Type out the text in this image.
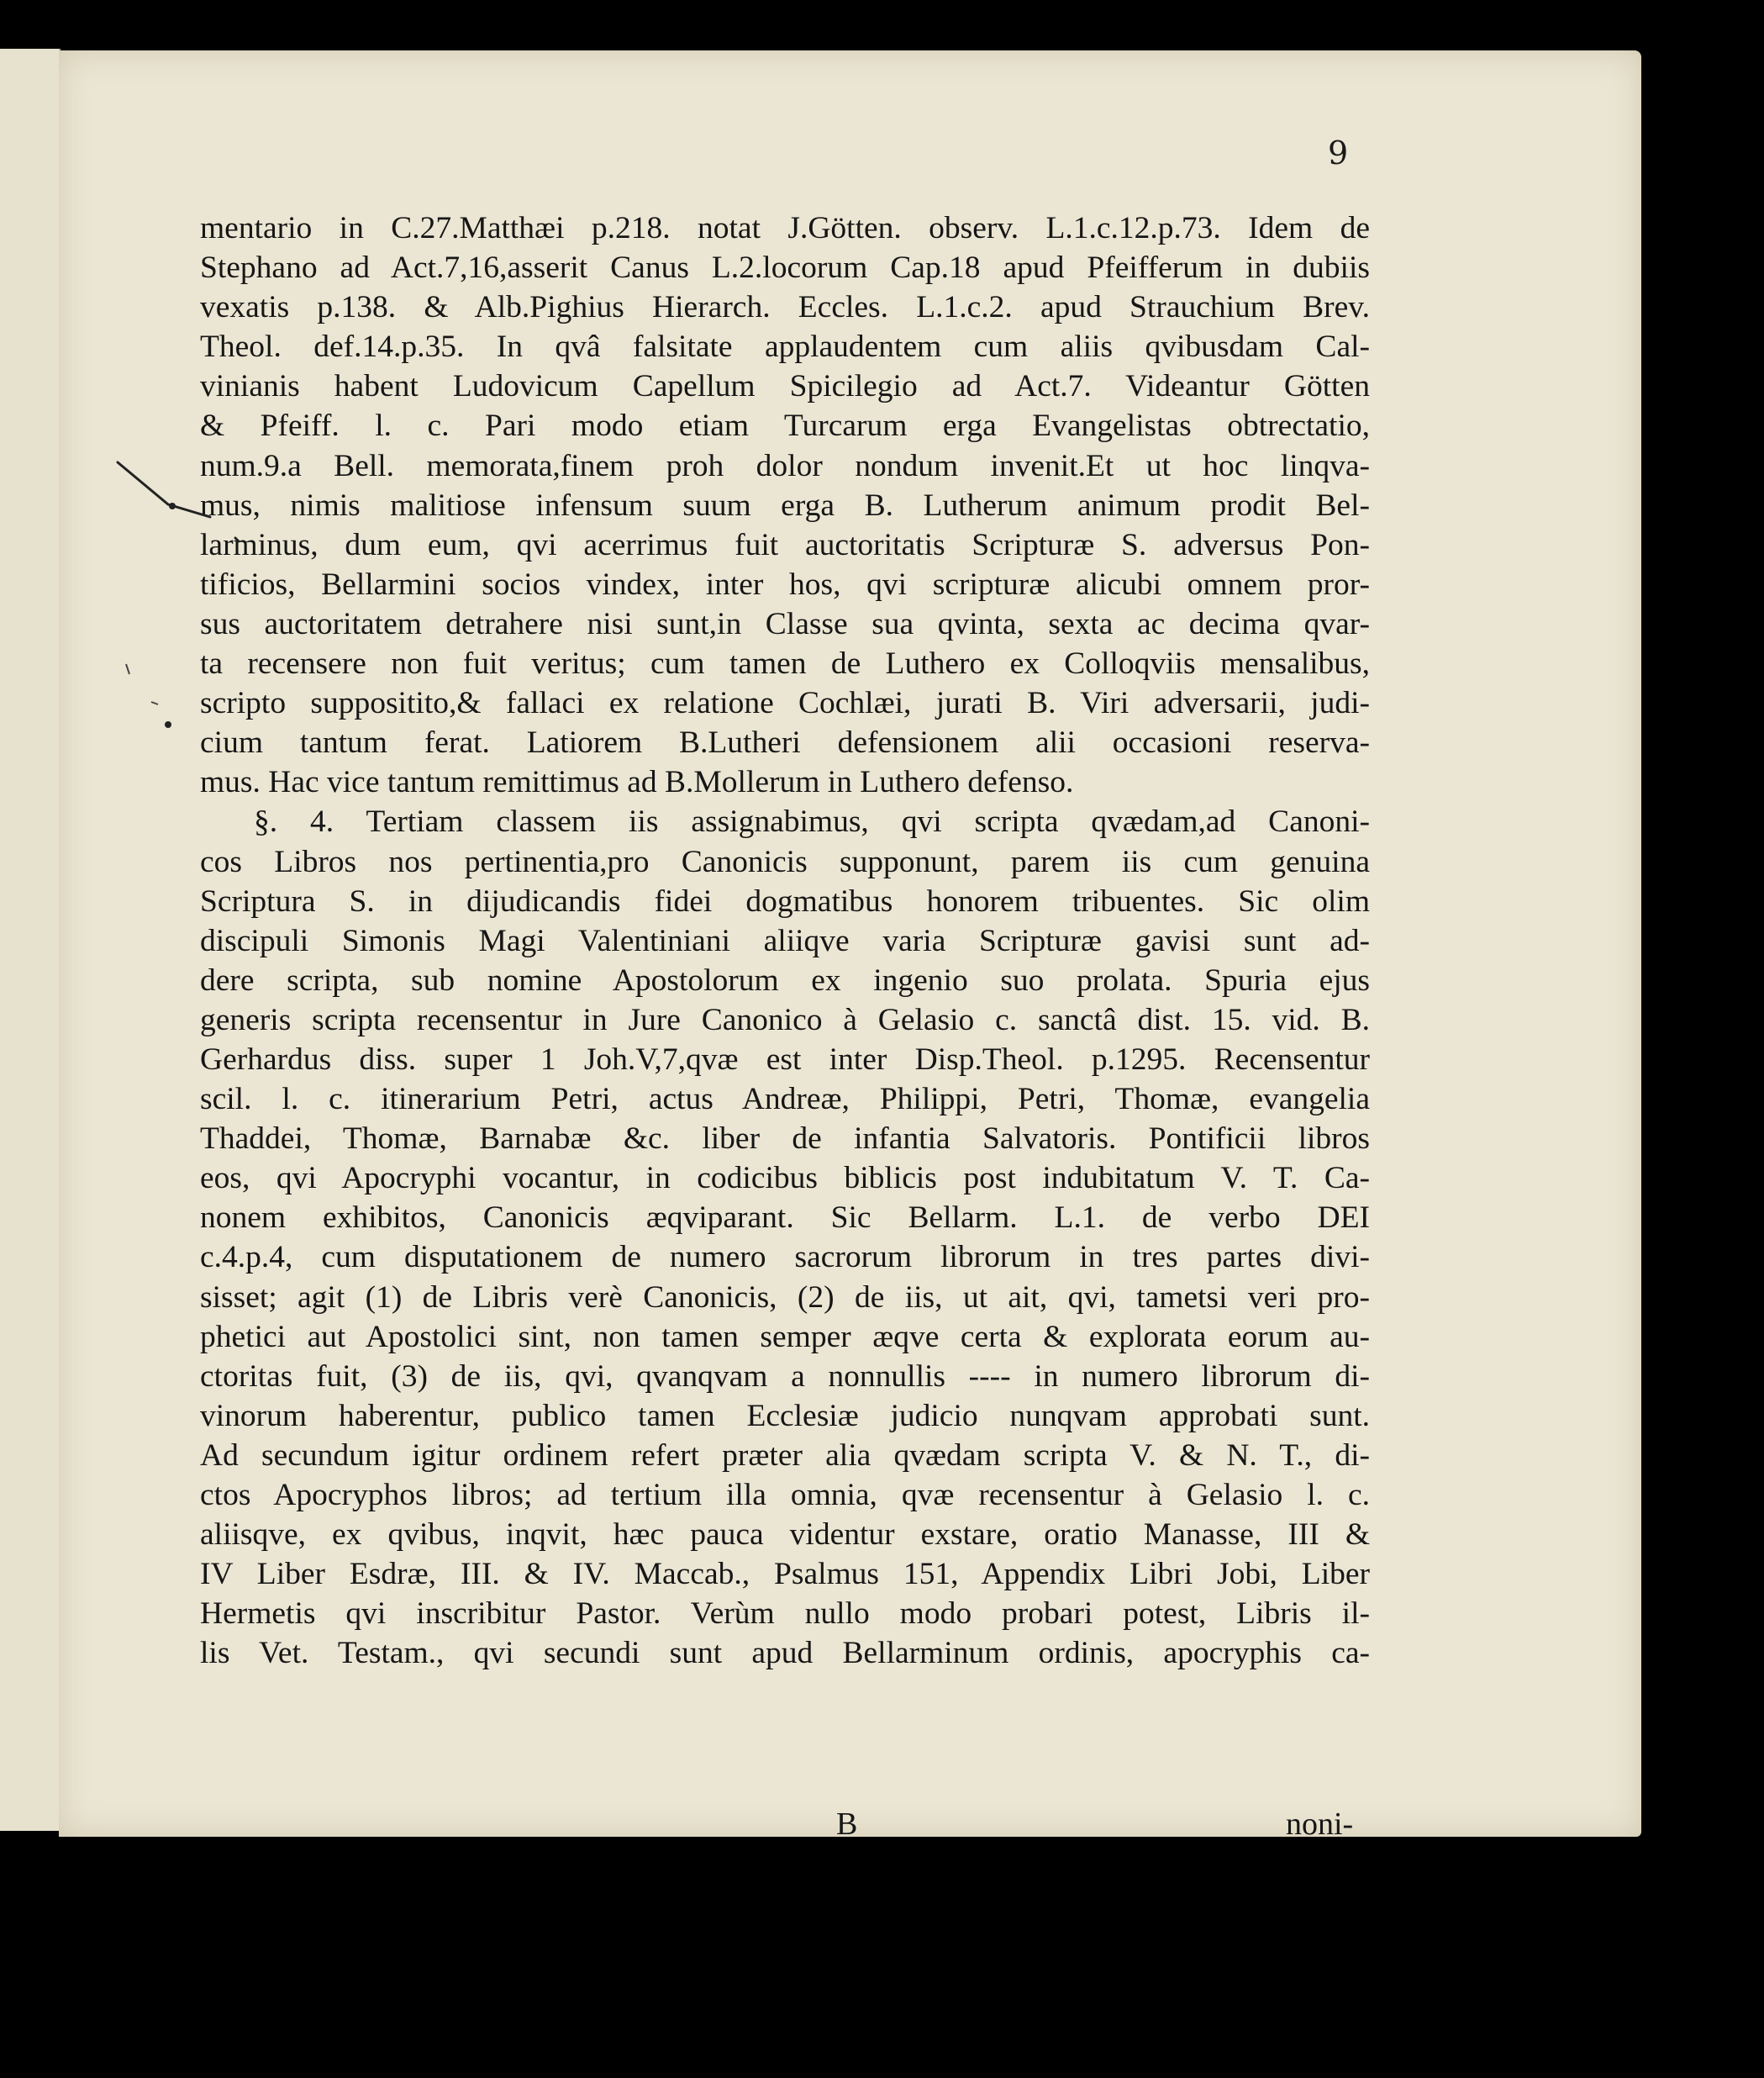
9
mentario in C.27.Matthæi p.218. notat J.Götten. observ. L.1.c.12.p.73. Idem de
Stephano ad Act.7,16,asserit Canus L.2.locorum Cap.18 apud Pfeifferum in dubiis
vexatis p.138. & Alb.Pighius Hierarch. Eccles. L.1.c.2. apud Strauchium Brev.
Theol. def.14.p.35. In qvâ falsitate applaudentem cum aliis qvibusdam Cal-
vinianis habent Ludovicum Capellum Spicilegio ad Act.7. Videantur Götten
& Pfeiff. l. c. Pari modo etiam Turcarum erga Evangelistas obtrectatio,
num.9.a Bell. memorata,finem proh dolor nondum invenit.Et ut hoc linqva-
mus, nimis malitiose infensum suum erga B. Lutherum animum prodit Bel-
larminus, dum eum, qvi acerrimus fuit auctoritatis Scripturæ S. adversus Pon-
tificios, Bellarmini socios vindex, inter hos, qvi scripturæ alicubi omnem pror-
sus auctoritatem detrahere nisi sunt,in Classe sua qvinta, sexta ac decima qvar-
ta recensere non fuit veritus; cum tamen de Luthero ex Colloqviis mensalibus,
scripto suppositito,& fallaci ex relatione Cochlæi, jurati B. Viri adversarii, judi-
cium tantum ferat. Latiorem B.Lutheri defensionem alii occasioni reserva-
mus. Hac vice tantum remittimus ad B.Mollerum in Luthero defenso.
§. 4. Tertiam classem iis assignabimus, qvi scripta qvædam,ad Canoni-
cos Libros nos pertinentia,pro Canonicis supponunt, parem iis cum genuina
Scriptura S. in dijudicandis fidei dogmatibus honorem tribuentes. Sic olim
discipuli Simonis Magi Valentiniani aliiqve varia Scripturæ gavisi sunt ad-
dere scripta, sub nomine Apostolorum ex ingenio suo prolata. Spuria ejus
generis scripta recensentur in Jure Canonico à Gelasio c. sanctâ dist. 15. vid. B.
Gerhardus diss. super 1 Joh.V,7,qvæ est inter Disp.Theol. p.1295. Recensentur
scil. l. c. itinerarium Petri, actus Andreæ, Philippi, Petri, Thomæ, evangelia
Thaddei, Thomæ, Barnabæ &c. liber de infantia Salvatoris. Pontificii libros
eos, qvi Apocryphi vocantur, in codicibus biblicis post indubitatum V. T. Ca-
nonem exhibitos, Canonicis æqviparant. Sic Bellarm. L.1. de verbo DEI
c.4.p.4, cum disputationem de numero sacrorum librorum in tres partes divi-
sisset; agit (1) de Libris verè Canonicis, (2) de iis, ut ait, qvi, tametsi veri pro-
phetici aut Apostolici sint, non tamen semper æqve certa & explorata eorum au-
ctoritas fuit, (3) de iis, qvi, qvanqvam a nonnullis ---- in numero librorum di-
vinorum haberentur, publico tamen Ecclesiæ judicio nunqvam approbati sunt.
Ad secundum igitur ordinem refert præter alia qvædam scripta V. & N. T., di-
ctos Apocryphos libros; ad tertium illa omnia, qvæ recensentur à Gelasio l. c.
aliisqve, ex qvibus, inqvit, hæc pauca videntur exstare, oratio Manasse, III &
IV Liber Esdræ, III. & IV. Maccab., Psalmus 151, Appendix Libri Jobi, Liber
Hermetis qvi inscribitur Pastor. Verùm nullo modo probari potest, Libris il-
lis Vet. Testam., qvi secundi sunt apud Bellarminum ordinis, apocryphis ca-
B	noni-
